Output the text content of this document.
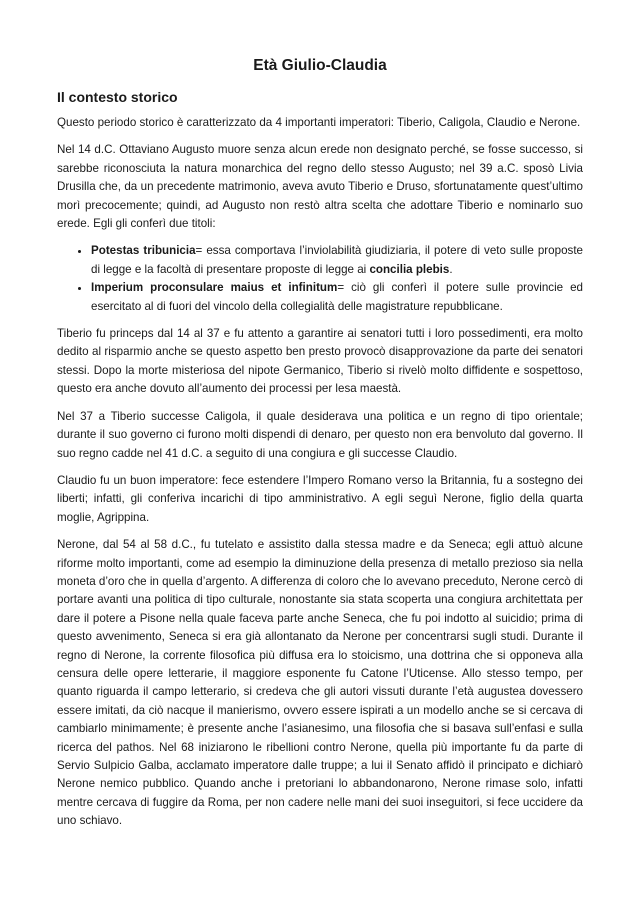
Età Giulio-Claudia
Il contesto storico

Questo periodo storico è caratterizzato da 4 importanti imperatori: Tiberio, Caligola, Claudio e Nerone.

Nel 14 d.C. Ottaviano Augusto muore senza alcun erede non designato perché, se fosse successo, si sarebbe riconosciuta la natura monarchica del regno dello stesso Augusto; nel 39 a.C. sposò Livia Drusilla che, da un precedente matrimonio, aveva avuto Tiberio e Druso, sfortunatamente quest’ultimo morì precocemente; quindi, ad Augusto non restò altra scelta che adottare Tiberio e nominarlo suo erede. Egli gli conferì due titoli:

• Potestas tribunicia= essa comportava l’inviolabilità giudiziaria, il potere di veto sulle proposte di legge e la facoltà di presentare proposte di legge ai concilia plebis.
• Imperium proconsulare maius et infinitum= ciò gli conferì il potere sulle provincie ed esercitato al di fuori del vincolo della collegialità delle magistrature repubblicane.

Tiberio fu princeps dal 14 al 37 e fu attento a garantire ai senatori tutti i loro possedimenti, era molto dedito al risparmio anche se questo aspetto ben presto provocò disapprovazione da parte dei senatori stessi. Dopo la morte misteriosa del nipote Germanico, Tiberio si rivelò molto diffidente e sospettoso, questo era anche dovuto all’aumento dei processi per lesa maestà.

Nel 37 a Tiberio successe Caligola, il quale desiderava una politica e un regno di tipo orientale; durante il suo governo ci furono molti dispendi di denaro, per questo non era benvoluto dal governo. Il suo regno cadde nel 41 d.C. a seguito di una congiura e gli successe Claudio.

Claudio fu un buon imperatore: fece estendere l’Impero Romano verso la Britannia, fu a sostegno dei liberti; infatti, gli conferiva incarichi di tipo amministrativo. A egli seguì Nerone, figlio della quarta moglie, Agrippina.

Nerone, dal 54 al 58 d.C., fu tutelato e assistito dalla stessa madre e da Seneca; egli attuò alcune riforme molto importanti, come ad esempio la diminuzione della presenza di metallo prezioso sia nella moneta d’oro che in quella d’argento. A differenza di coloro che lo avevano preceduto, Nerone cercò di portare avanti una politica di tipo culturale, nonostante sia stata scoperta una congiura architettata per dare il potere a Pisone nella quale faceva parte anche Seneca, che fu poi indotto al suicidio; prima di questo avvenimento, Seneca si era già allontanato da Nerone per concentrarsi sugli studi. Durante il regno di Nerone, la corrente filosofica più diffusa era lo stoicismo, una dottrina che si opponeva alla censura delle opere letterarie, il maggiore esponente fu Catone l’Uticense. Allo stesso tempo, per quanto riguarda il campo letterario, si credeva che gli autori vissuti durante l’età augustea dovessero essere imitati, da ciò nacque il manierismo, ovvero essere ispirati a un modello anche se si cercava di cambiarlo minimamente; è presente anche l’asianesimo, una filosofia che si basava sull’enfasi e sulla ricerca del pathos. Nel 68 iniziarono le ribellioni contro Nerone, quella più importante fu da parte di Servio Sulpicio Galba, acclamato imperatore dalle truppe; a lui il Senato affidò il principato e dichiarò Nerone nemico pubblico. Quando anche i pretoriani lo abbandonarono, Nerone rimase solo, infatti mentre cercava di fuggire da Roma, per non cadere nelle mani dei suoi inseguitori, si fece uccidere da uno schiavo.
